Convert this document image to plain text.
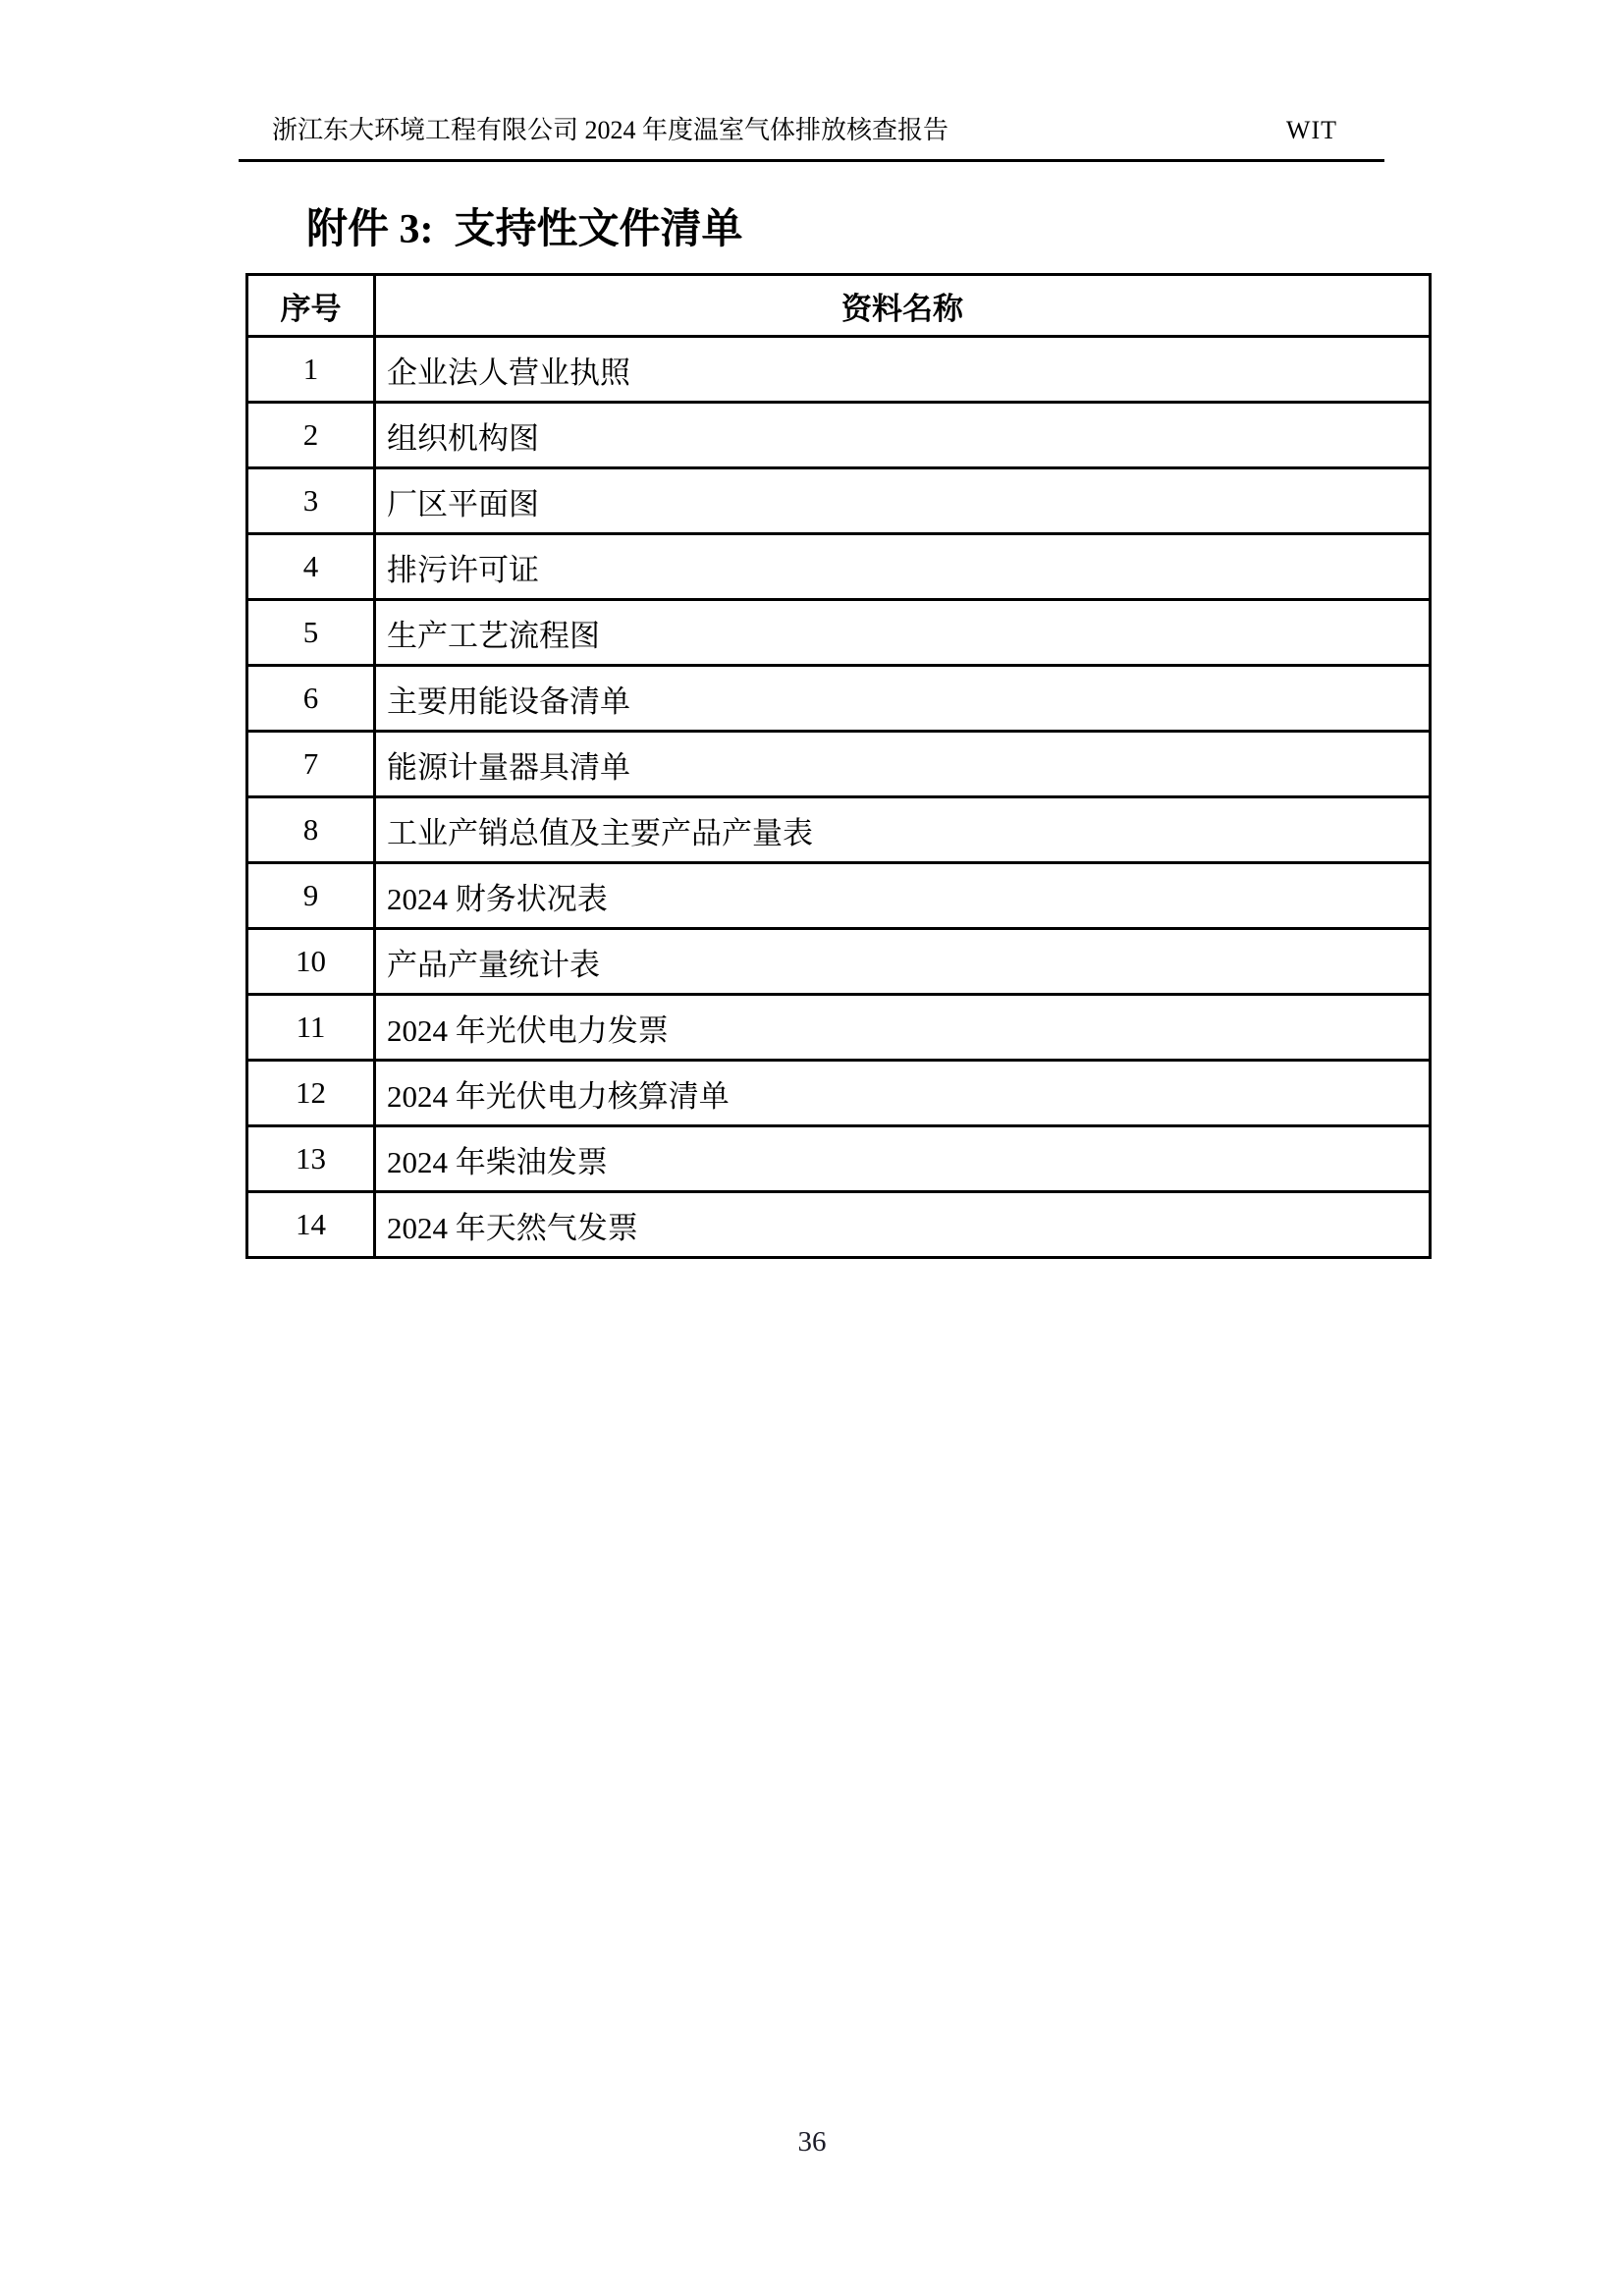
浙江东大环境工程有限公司 2024 年度温室气体排放核查报告	WIT
附件 3:  支持性文件清单
序号	资料名称
1	企业法人营业执照
2	组织机构图
3	厂区平面图
4	排污许可证
5	生产工艺流程图
6	主要用能设备清单
7	能源计量器具清单
8	工业产销总值及主要产品产量表
9	2024 财务状况表
10	产品产量统计表
11	2024 年光伏电力发票
12	2024 年光伏电力核算清单
13	2024 年柴油发票
14	2024 年天然气发票
36
